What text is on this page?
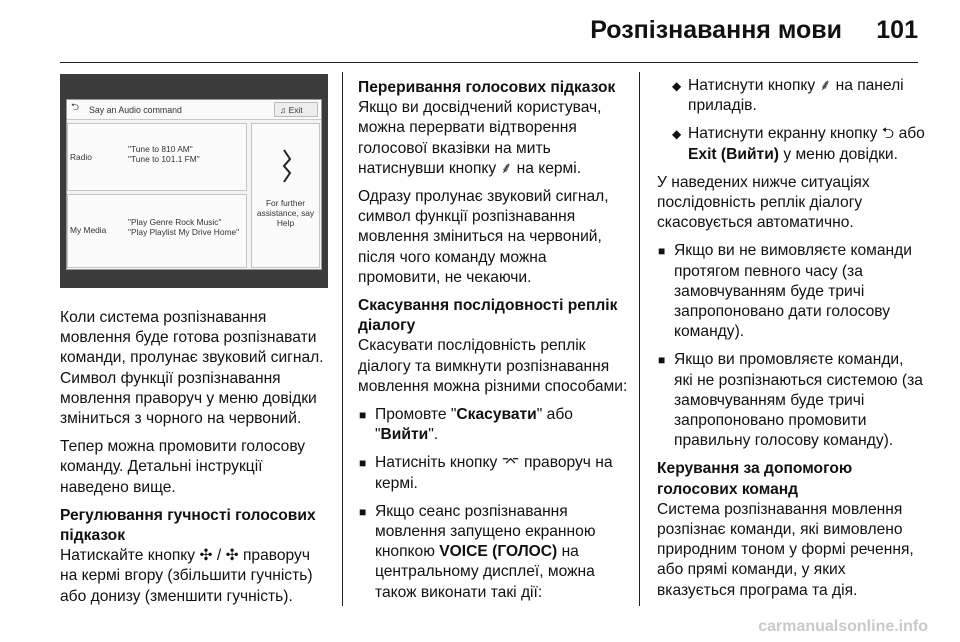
Розпізнавання мови 101
⮌ Say an Audio command	♫ Exit
Radio
"Tune to 810 AM"
"Tune to 101.1 FM"
My Media
"Play Genre Rock Music"
"Play Playlist My Drive Home"
For further
assistance, say
Help

Коли система розпізнавання мовлення буде готова розпізнавати команди, пролунає звуковий сигнал. Символ функції розпізнавання мовлення праворуч у меню довідки зміниться з чорного на червоний.

Тепер можна промовити голосову команду. Детальні інструкції наведено вище.

Регулювання гучності голосових підказок

Натискайте кнопку ✣ / ✣ праворуч на кермі вгору (збільшити гучність) або донизу (зменшити гучність).

Переривання голосових підказок

Якщо ви досвідчений користувач, можна перервати відтворення голосової вказівки на мить натиснувши кнопку ⸙ на кермі.

Одразу пролунає звуковий сигнал, символ функції розпізнавання мовлення зміниться на червоний, після чого команду можна промовити, не чекаючи.

Скасування послідовності реплік діалогу

Скасувати послідовність реплік діалогу та вимкнути розпізнавання мовлення можна різними способами:

■ Промовте "Скасувати" або "Вийти".
■ Натисніть кнопку ⌤ праворуч на кермі.
■ Якщо сеанс розпізнавання мовлення запущено екранною кнопкою VOICE (ГОЛОС) на центральному дисплеї, можна також виконати такі дії:
◆ Натиснути кнопку ⸙ на панелі приладів.
◆ Натиснути екранну кнопку ⮌ або Exit (Вийти) у меню довідки.

У наведених нижче ситуаціях послідовність реплік діалогу скасовується автоматично.

■ Якщо ви не вимовляєте команди протягом певного часу (за замовчуванням буде тричі запропоновано дати голосову команду).
■ Якщо ви промовляєте команди, які не розпізнаються системою (за замовчуванням буде тричі запропоновано промовити правильну голосову команду).
Керування за допомогою голосових команд

Система розпізнавання мовлення розпізнає команди, які вимовлено природним тоном у формі речення, або прямі команди, у яких вказується програма та дія.

carmanualsonline.info
